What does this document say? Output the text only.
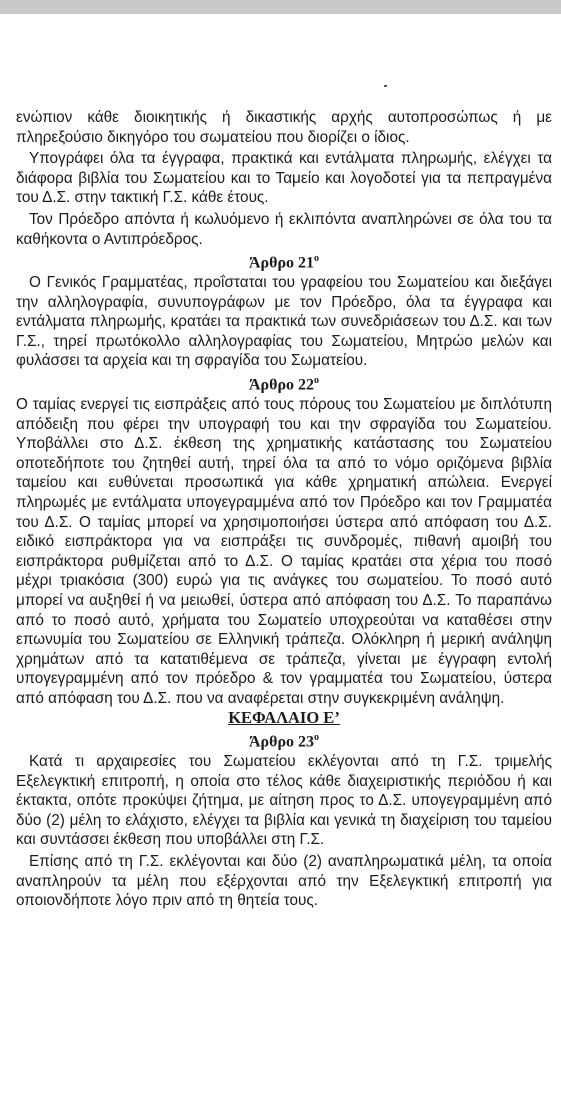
ενώπιον κάθε διοικητικής ή δικαστικής αρχής αυτοπροσώπως ή με πληρεξούσιο δικηγόρο του σωματείου που διορίζει ο ίδιος.

Υπογράφει όλα τα έγγραφα, πρακτικά και εντάλματα πληρωμής, ελέγχει τα διάφορα βιβλία του Σωματείου και το Ταμείο και λογοδοτεί για τα πεπραγμένα του Δ.Σ. στην τακτική Γ.Σ. κάθε έτους.

Τον Πρόεδρο απόντα ή κωλυόμενο ή εκλιπόντα αναπληρώνει σε όλα του τα καθήκοντα ο Αντιπρόεδρος.

Άρθρο $21^o$

Ο Γενικός Γραμματέας, προΐσταται του γραφείου του Σωματείου και διεξάγει την αλληλογραφία, συνυπογράφων με τον Πρόεδρο, όλα τα έγγραφα και εντάλματα πληρωμής, κρατάει τα πρακτικά των συνεδριάσεων του Δ.Σ. και των Γ.Σ., τηρεί πρωτόκολλο αλληλογραφίας του Σωματείου, Μητρώο μελών και φυλάσσει τα αρχεία και τη σφραγίδα του Σωματείου.

Άρθρο $22^o$

Ο ταμίας ενεργεί τις εισπράξεις από τους πόρους του Σωματείου με διπλότυπη απόδειξη που φέρει την υπογραφή του και την σφραγίδα του Σωματείου. Υποβάλλει στο Δ.Σ. έκθεση της χρηματικής κατάστασης του Σωματείου οποτεδήποτε του ζητηθεί αυτή, τηρεί όλα τα από το νόμο οριζόμενα βιβλία ταμείου και ευθύνεται προσωπικά για κάθε χρηματική απώλεια. Ενεργεί πληρωμές με εντάλματα υπογεγραμμένα από τον Πρόεδρο και τον Γραμματέα του Δ.Σ. Ο ταμίας μπορεί να χρησιμοποιήσει ύστερα από απόφαση του Δ.Σ. ειδικό εισπράκτορα για να εισπράξει τις συνδρομές, πιθανή αμοιβή του εισπράκτορα ρυθμίζεται από το Δ.Σ. Ο ταμίας κρατάει στα χέρια του ποσό μέχρι τριακόσια (300) ευρώ για τις ανάγκες του σωματείου. Το ποσό αυτό μπορεί να αυξηθεί ή να μειωθεί, ύστερα από απόφαση του Δ.Σ. Το παραπάνω από το ποσό αυτό, χρήματα του Σωματείο υποχρεούται να καταθέσει στην επωνυμία του Σωματείου σε Ελληνική τράπεζα. Ολόκληρη ή μερική ανάληψη χρημάτων από τα κατατιθέμενα σε τράπεζα, γίνεται με έγγραφη εντολή υπογεγραμμένη από τον πρόεδρο & τον γραμματέα του Σωματείου, ύστερα από απόφαση του Δ.Σ. που να αναφέρεται στην συγκεκριμένη ανάληψη.

ΚΕΦΑΛΑΙΟ Ε’

Άρθρο $23^o$

Κατά τι αρχαιρεσίες του Σωματείου εκλέγονται από τη Γ.Σ. τριμελής Εξελεγκτική επιτροπή, η οποία στο τέλος κάθε διαχειριστικής περιόδου ή και έκτακτα, οπότε προκύψει ζήτημα, με αίτηση προς το Δ.Σ. υπογεγραμμένη από δύο (2) μέλη το ελάχιστο, ελέγχει τα βιβλία και γενικά τη διαχείριση του ταμείου και συντάσσει έκθεση που υποβάλλει στη Γ.Σ.

Επίσης από τη Γ.Σ. εκλέγονται και δύο (2) αναπληρωματικά μέλη, τα οποία αναπληρούν τα μέλη που εξέρχονται από την Εξελεγκτική επιτροπή για οποιονδήποτε λόγο πριν από τη θητεία τους.
